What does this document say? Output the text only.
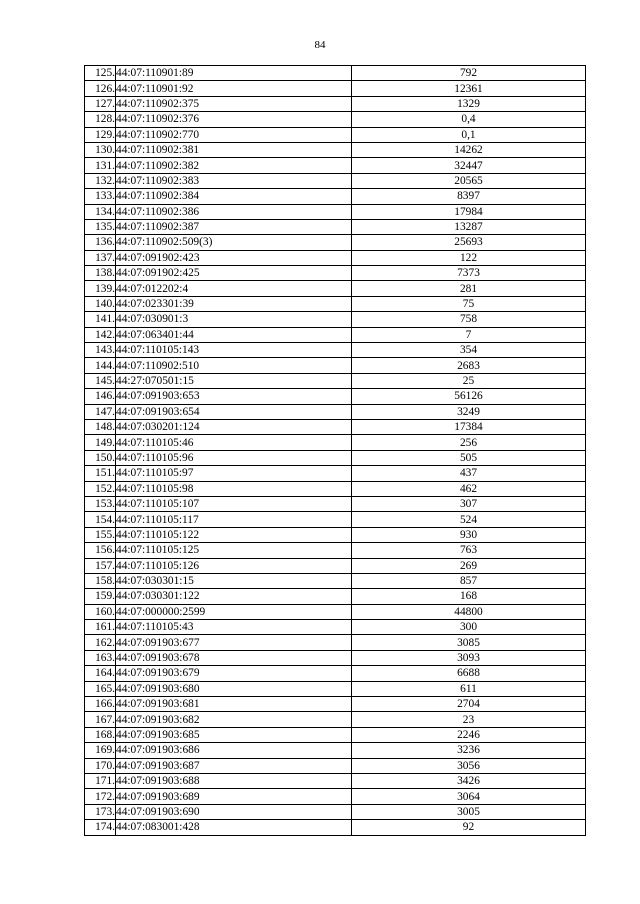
84
125.	44:07:110901:89	792
126.	44:07:110901:92	12361
127.	44:07:110902:375	1329
128.	44:07:110902:376	0,4
129.	44:07:110902:770	0,1
130.	44:07:110902:381	14262
131.	44:07:110902:382	32447
132.	44:07:110902:383	20565
133.	44:07:110902:384	8397
134.	44:07:110902:386	17984
135.	44:07:110902:387	13287
136.	44:07:110902:509(3)	25693
137.	44:07:091902:423	122
138.	44:07:091902:425	7373
139.	44:07:012202:4	281
140.	44:07:023301:39	75
141.	44:07:030901:3	758
142.	44:07:063401:44	7
143.	44:07:110105:143	354
144.	44:07:110902:510	2683
145.	44:27:070501:15	25
146.	44:07:091903:653	56126
147.	44:07:091903:654	3249
148.	44:07:030201:124	17384
149.	44:07:110105:46	256
150.	44:07:110105:96	505
151.	44:07:110105:97	437
152.	44:07:110105:98	462
153.	44:07:110105:107	307
154.	44:07:110105:117	524
155.	44:07:110105:122	930
156.	44:07:110105:125	763
157.	44:07:110105:126	269
158.	44:07:030301:15	857
159.	44:07:030301:122	168
160.	44:07:000000:2599	44800
161.	44:07:110105:43	300
162.	44:07:091903:677	3085
163.	44:07:091903:678	3093
164.	44:07:091903:679	6688
165.	44:07:091903:680	611
166.	44:07:091903:681	2704
167.	44:07:091903:682	23
168.	44:07:091903:685	2246
169.	44:07:091903:686	3236
170.	44:07:091903:687	3056
171.	44:07:091903:688	3426
172.	44:07:091903:689	3064
173.	44:07:091903:690	3005
174.	44:07:083001:428	92
